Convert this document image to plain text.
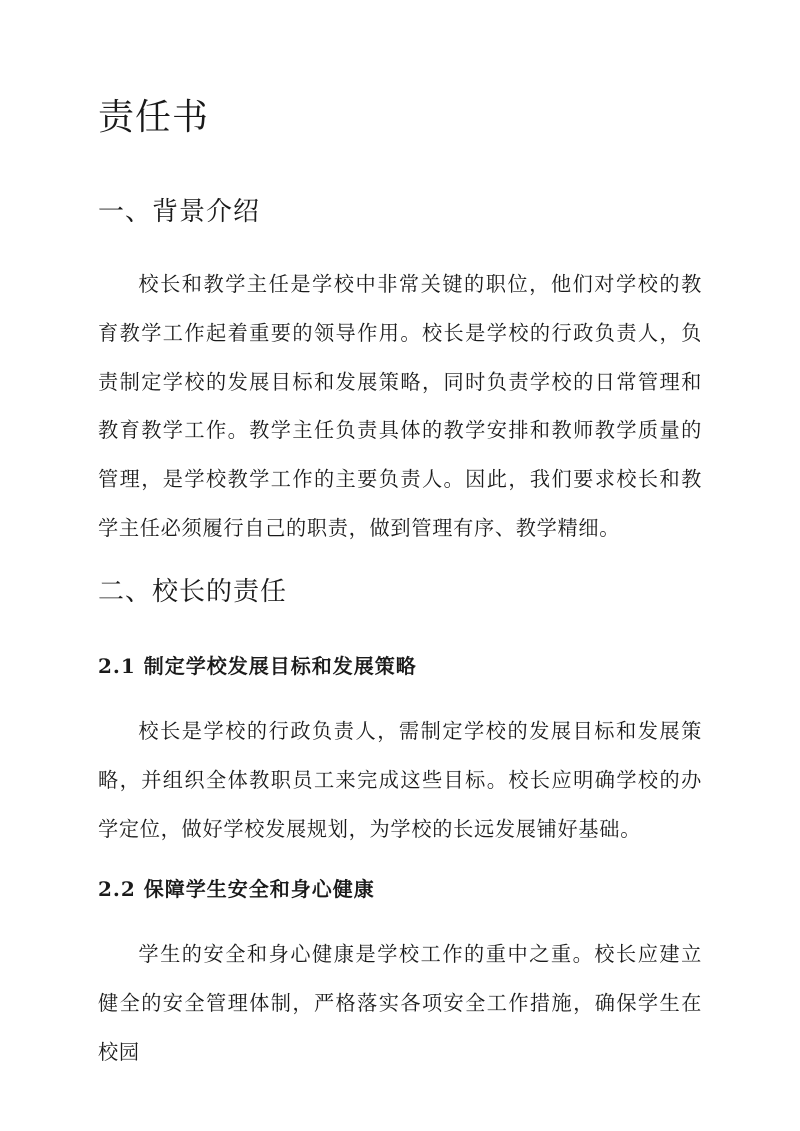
责任书
一、背景介绍

校长和教学主任是学校中非常关键的职位，他们对学校的教育教学工作起着重要的领导作用。校长是学校的行政负责人，负责制定学校的发展目标和发展策略，同时负责学校的日常管理和教育教学工作。教学主任负责具体的教学安排和教师教学质量的管理，是学校教学工作的主要负责人。因此，我们要求校长和教学主任必须履行自己的职责，做到管理有序、教学精细。

二、校长的责任
2.1 制定学校发展目标和发展策略

校长是学校的行政负责人，需制定学校的发展目标和发展策略，并组织全体教职员工来完成这些目标。校长应明确学校的办学定位，做好学校发展规划，为学校的长远发展铺好基础。

2.2 保障学生安全和身心健康

学生的安全和身心健康是学校工作的重中之重。校长应建立健全的安全管理体制，严格落实各项安全工作措施，确保学生在校园
